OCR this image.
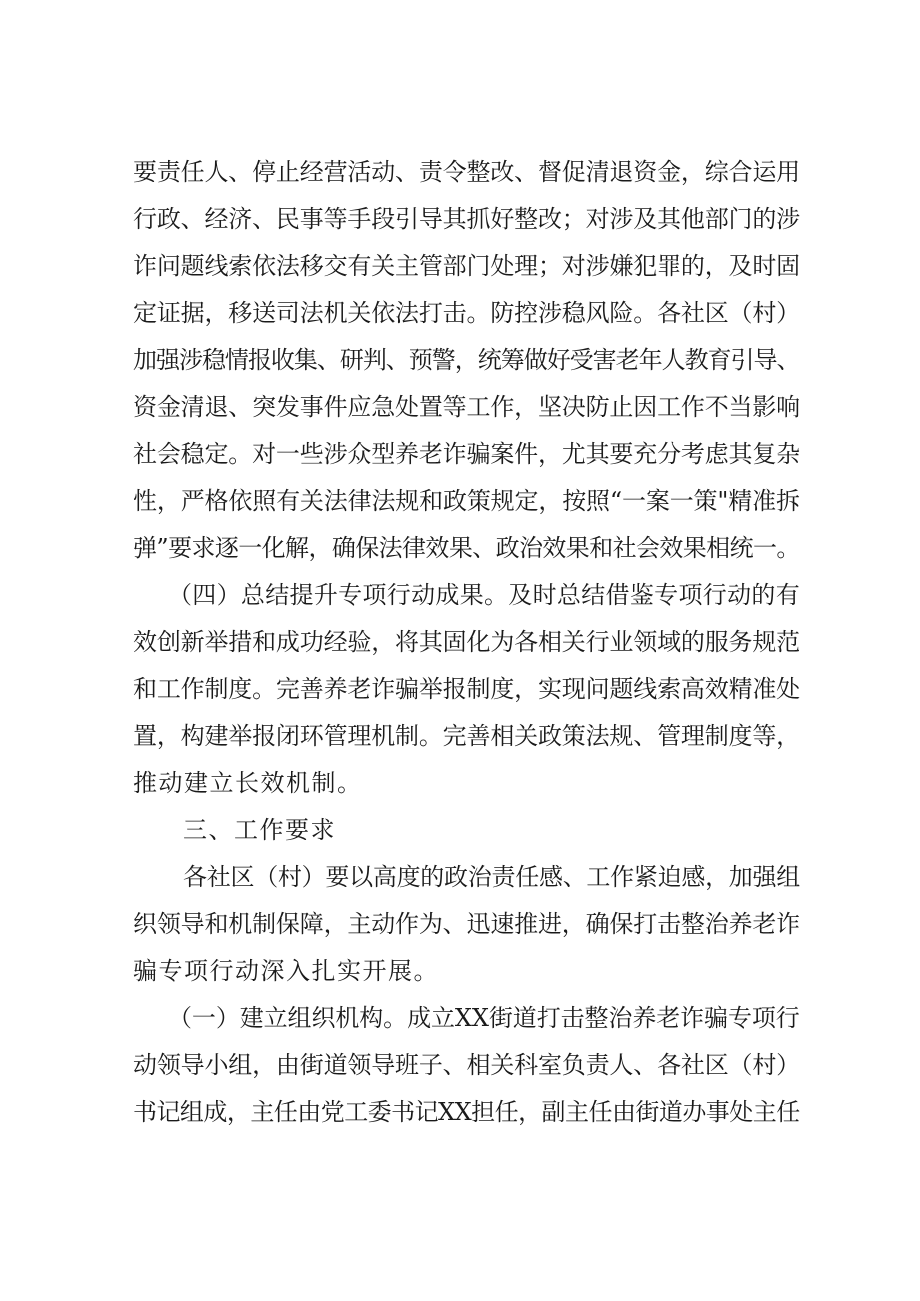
要责任人、停止经营活动、责令整改、督促清退资金，综合运用
行政、经济、民事等手段引导其抓好整改；对涉及其他部门的涉
诈问题线索依法移交有关主管部门处理；对涉嫌犯罪的，及时固
定证据，移送司法机关依法打击。防控涉稳风险。各社区（村）
加强涉稳情报收集、研判、预警，统筹做好受害老年人教育引导、
资金清退、突发事件应急处置等工作，坚决防止因工作不当影响
社会稳定。对一些涉众型养老诈骗案件，尤其要充分考虑其复杂
性，严格依照有关法律法规和政策规定，按照“一案一策"精准拆
弹”要求逐一化解，确保法律效果、政治效果和社会效果相统一。
（四）总结提升专项行动成果。及时总结借鉴专项行动的有
效创新举措和成功经验，将其固化为各相关行业领域的服务规范
和工作制度。完善养老诈骗举报制度，实现问题线索高效精准处
置，构建举报闭环管理机制。完善相关政策法规、管理制度等，
推动建立长效机制。
三、工作要求
各社区（村）要以高度的政治责任感、工作紧迫感，加强组
织领导和机制保障，主动作为、迅速推进，确保打击整治养老诈
骗专项行动深入扎实开展。
（一）建立组织机构。成立XX街道打击整治养老诈骗专项行
动领导小组，由街道领导班子、相关科室负责人、各社区（村）
书记组成，主任由党工委书记XX担任，副主任由街道办事处主任
